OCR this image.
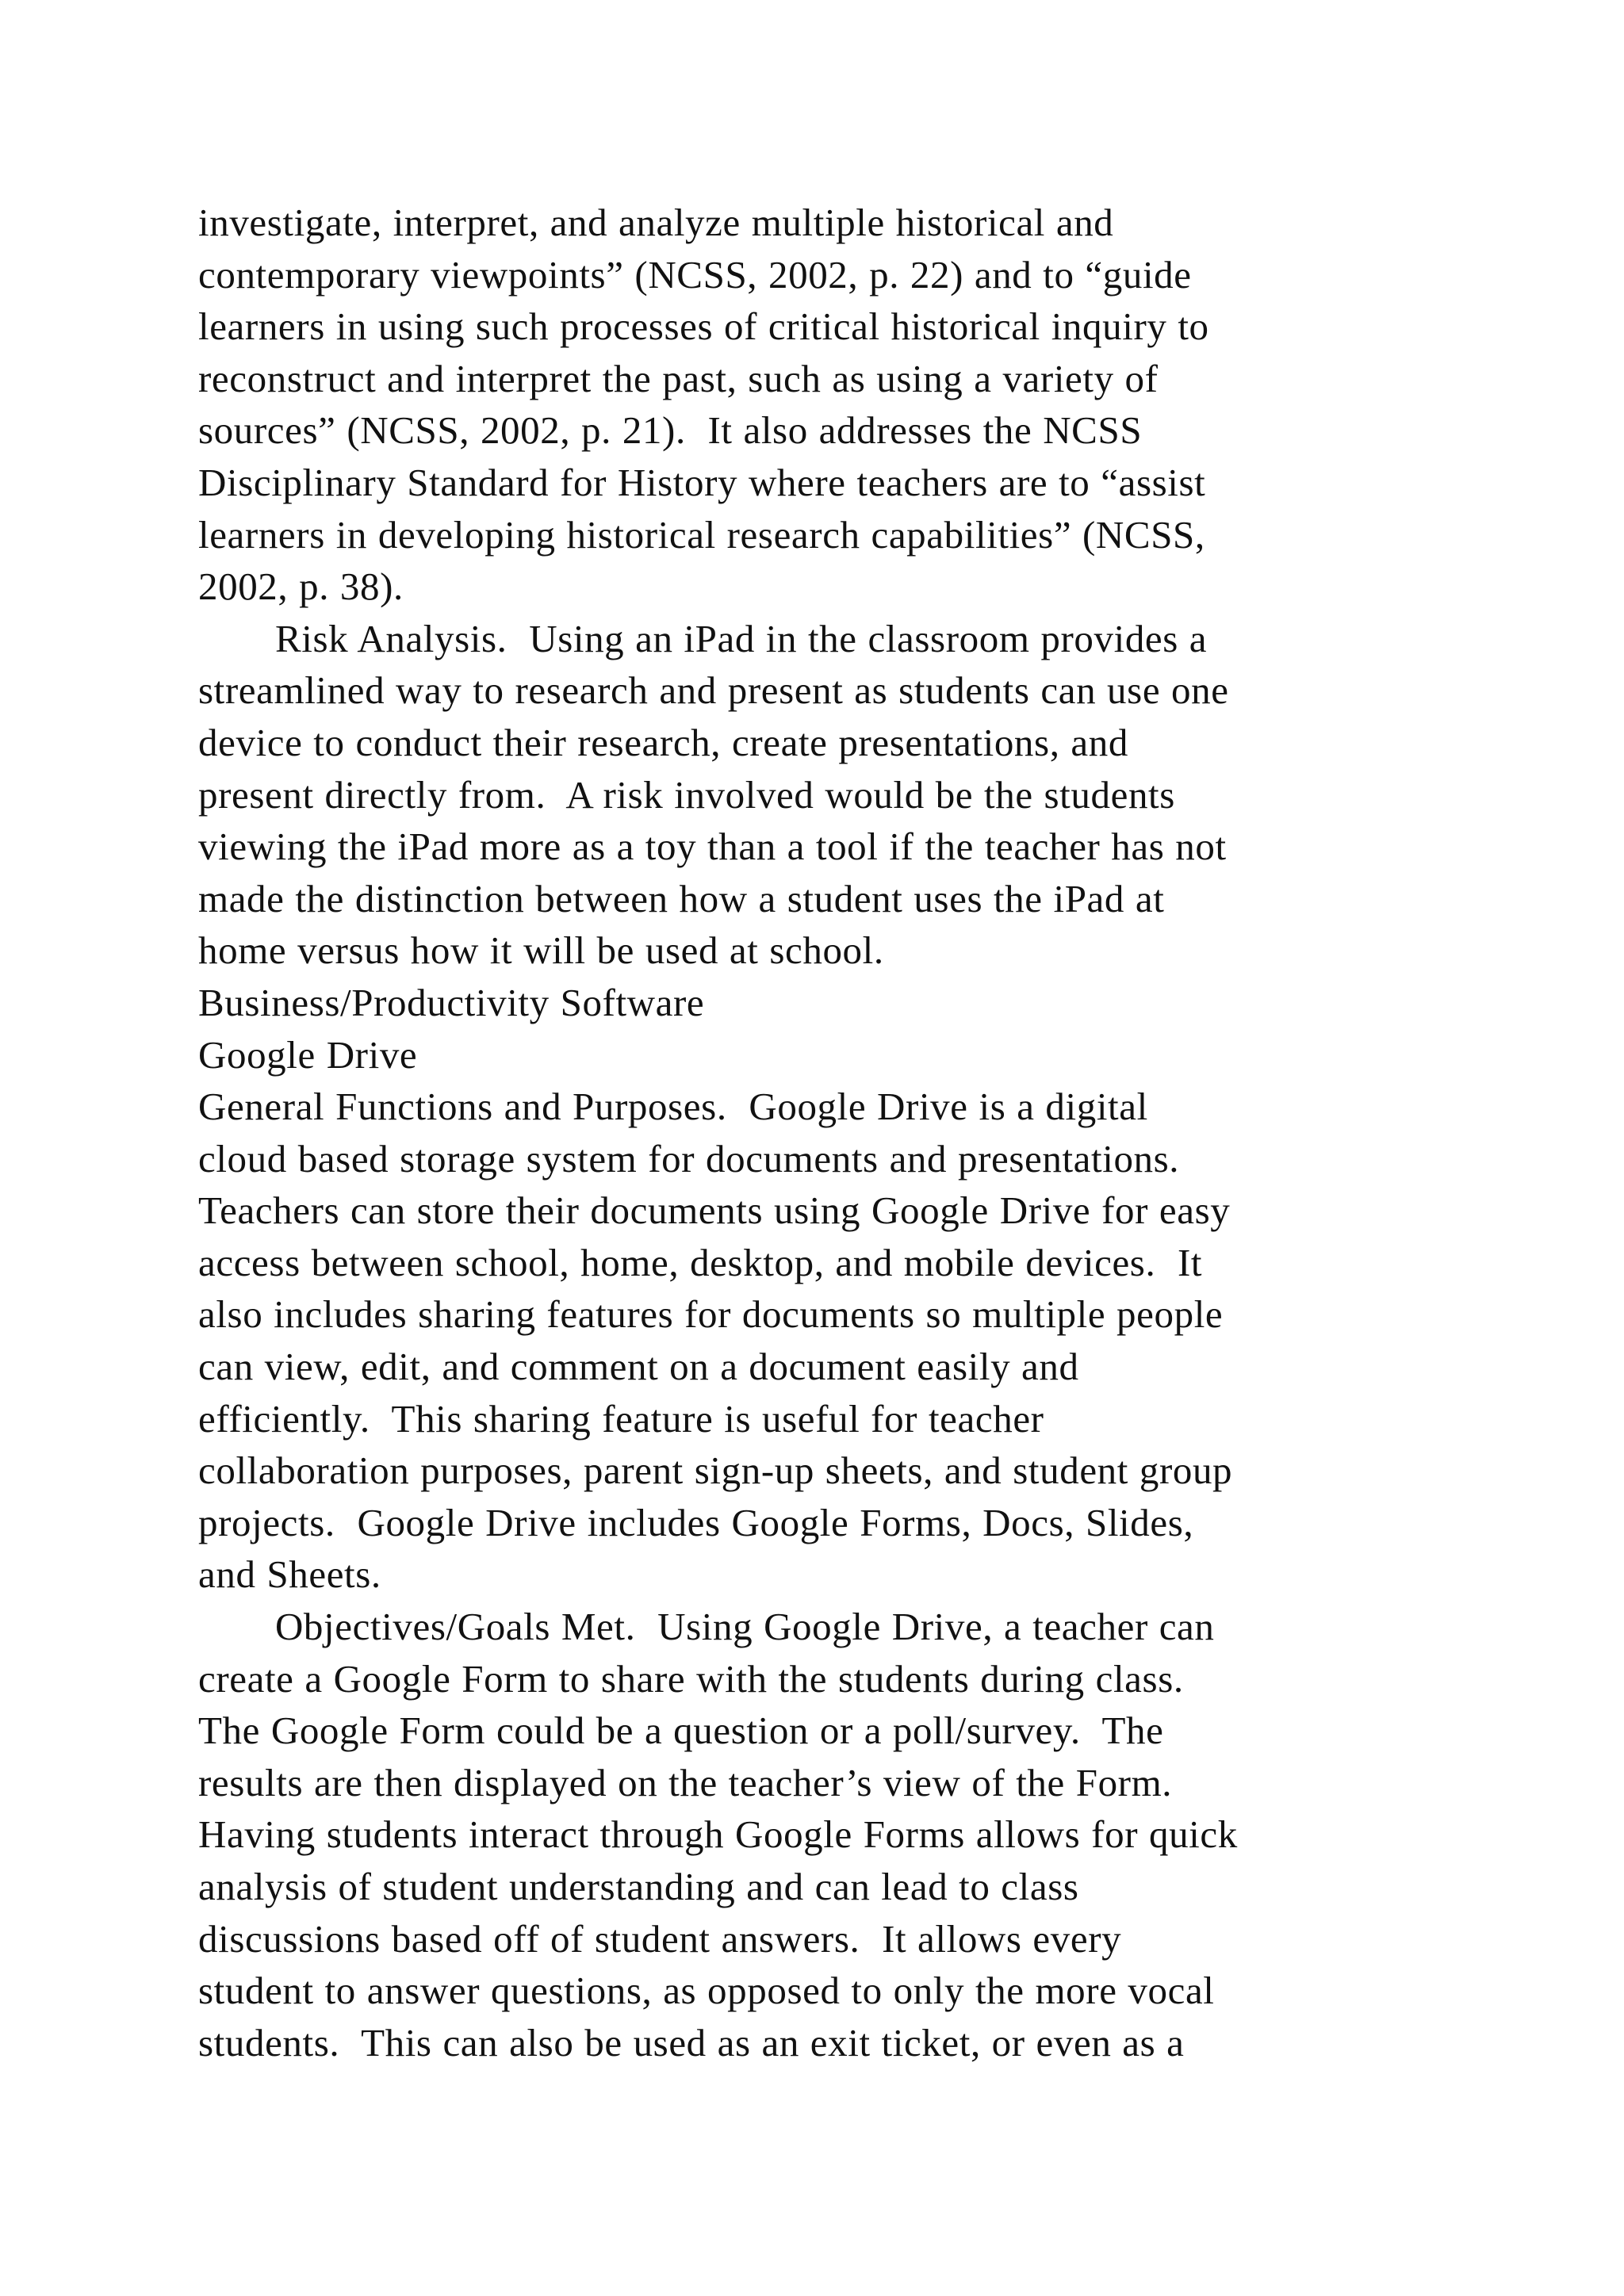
investigate, interpret, and analyze multiple historical and
contemporary viewpoints” (NCSS, 2002, p. 22) and to “guide
learners in using such processes of critical historical inquiry to
reconstruct and interpret the past, such as using a variety of
sources” (NCSS, 2002, p. 21).  It also addresses the NCSS
Disciplinary Standard for History where teachers are to “assist
learners in developing historical research capabilities” (NCSS,
2002, p. 38).
Risk Analysis.  Using an iPad in the classroom provides a
streamlined way to research and present as students can use one
device to conduct their research, create presentations, and
present directly from.  A risk involved would be the students
viewing the iPad more as a toy than a tool if the teacher has not
made the distinction between how a student uses the iPad at
home versus how it will be used at school.
Business/Productivity Software
Google Drive
General Functions and Purposes.  Google Drive is a digital
cloud based storage system for documents and presentations.
Teachers can store their documents using Google Drive for easy
access between school, home, desktop, and mobile devices.  It
also includes sharing features for documents so multiple people
can view, edit, and comment on a document easily and
efficiently.  This sharing feature is useful for teacher
collaboration purposes, parent sign-up sheets, and student group
projects.  Google Drive includes Google Forms, Docs, Slides,
and Sheets.
Objectives/Goals Met.  Using Google Drive, a teacher can
create a Google Form to share with the students during class.
The Google Form could be a question or a poll/survey.  The
results are then displayed on the teacher’s view of the Form.
Having students interact through Google Forms allows for quick
analysis of student understanding and can lead to class
discussions based off of student answers.  It allows every
student to answer questions, as opposed to only the more vocal
students.  This can also be used as an exit ticket, or even as a
